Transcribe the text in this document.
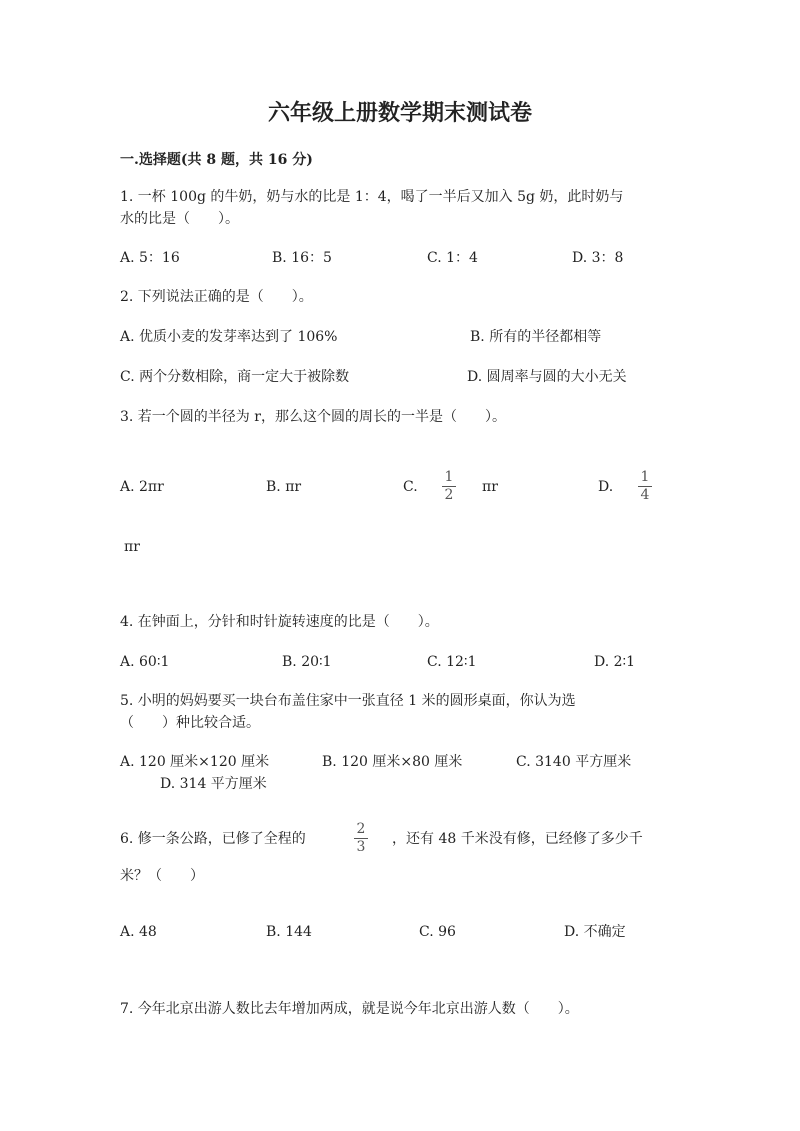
六年级上册数学期末测试卷
一.选择题(共 8 题，共 16 分)
1. 一杯 100g 的牛奶，奶与水的比是 1：4，喝了一半后又加入 5g 奶，此时奶与
水的比是（　　）。
A. 5：16	B. 16：5	C. 1：4	D. 3：8
2. 下列说法正确的是（　　）。
A. 优质小麦的发芽率达到了 106%	B. 所有的半径都相等
C. 两个分数相除，商一定大于被除数	D. 圆周率与圆的大小无关
3. 若一个圆的半径为 r，那么这个圆的周长的一半是（　　）。
A. 2πr	B. πr	C. $\frac{1}{2}$ πr	D. $\frac{1}{4}$
πr
4. 在钟面上，分针和时针旋转速度的比是（　　）。
A. 60∶1	B. 20∶1	C. 12∶1	D. 2∶1
5. 小明的妈妈要买一块台布盖住家中一张直径 1 米的圆形桌面，你认为选
（　　）种比较合适。
A. 120 厘米×120 厘米	B. 120 厘米×80 厘米	C. 3140 平方厘米
D. 314 平方厘米
6. 修一条公路，已修了全程的	$\frac{2}{3}$ ，还有 48 千米没有修，已经修了多少千
米？（　　）
A. 48	B. 144	C. 96	D. 不确定
7. 今年北京出游人数比去年增加两成，就是说今年北京出游人数（　　）。
